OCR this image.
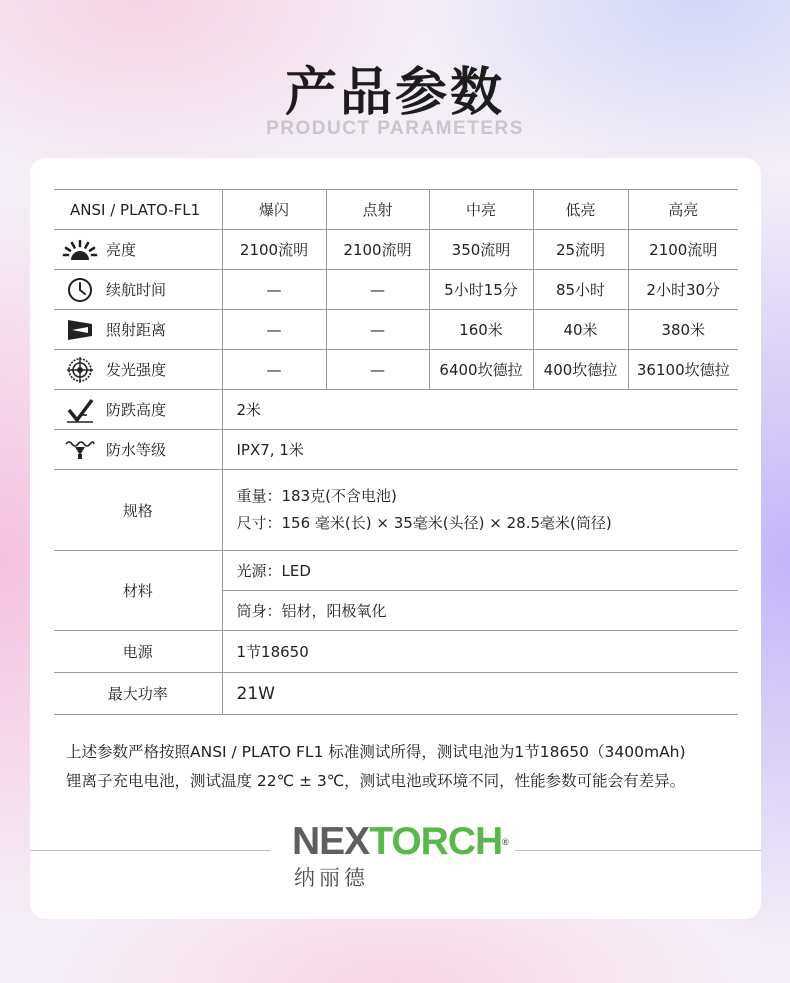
产品参数
PRODUCT PARAMETERS
ANSI / PLATO-FL1	爆闪	点射	中亮	低亮	高亮

亮度	2100流明	2100流明	350流明	25流明	2100流明

续航时间	—	—	5小时15分	85小时	2小时30分

照射距离	—	—	160米	40米	380米

发光强度	—	—	6400坎德拉	400坎德拉	36100坎德拉

防跌高度	2米				

防水等级	IPX7, 1米				
规格	重量：183克(不含电池)
尺寸：156 毫米(长) × 35毫米(头径) × 28.5毫米(筒径)				

材料	光源：LED				
	筒身：铝材，阳极氧化				
电源	1节18650				
最大功率	21W				
上述参数严格按照ANSI / PLATO FL1 标准测试所得，测试电池为1节18650（3400mAh)
锂离子充电电池，测试温度 22℃ ± 3℃，测试电池或环境不同，性能参数可能会有差异。
NEXTORCH®
纳丽德
